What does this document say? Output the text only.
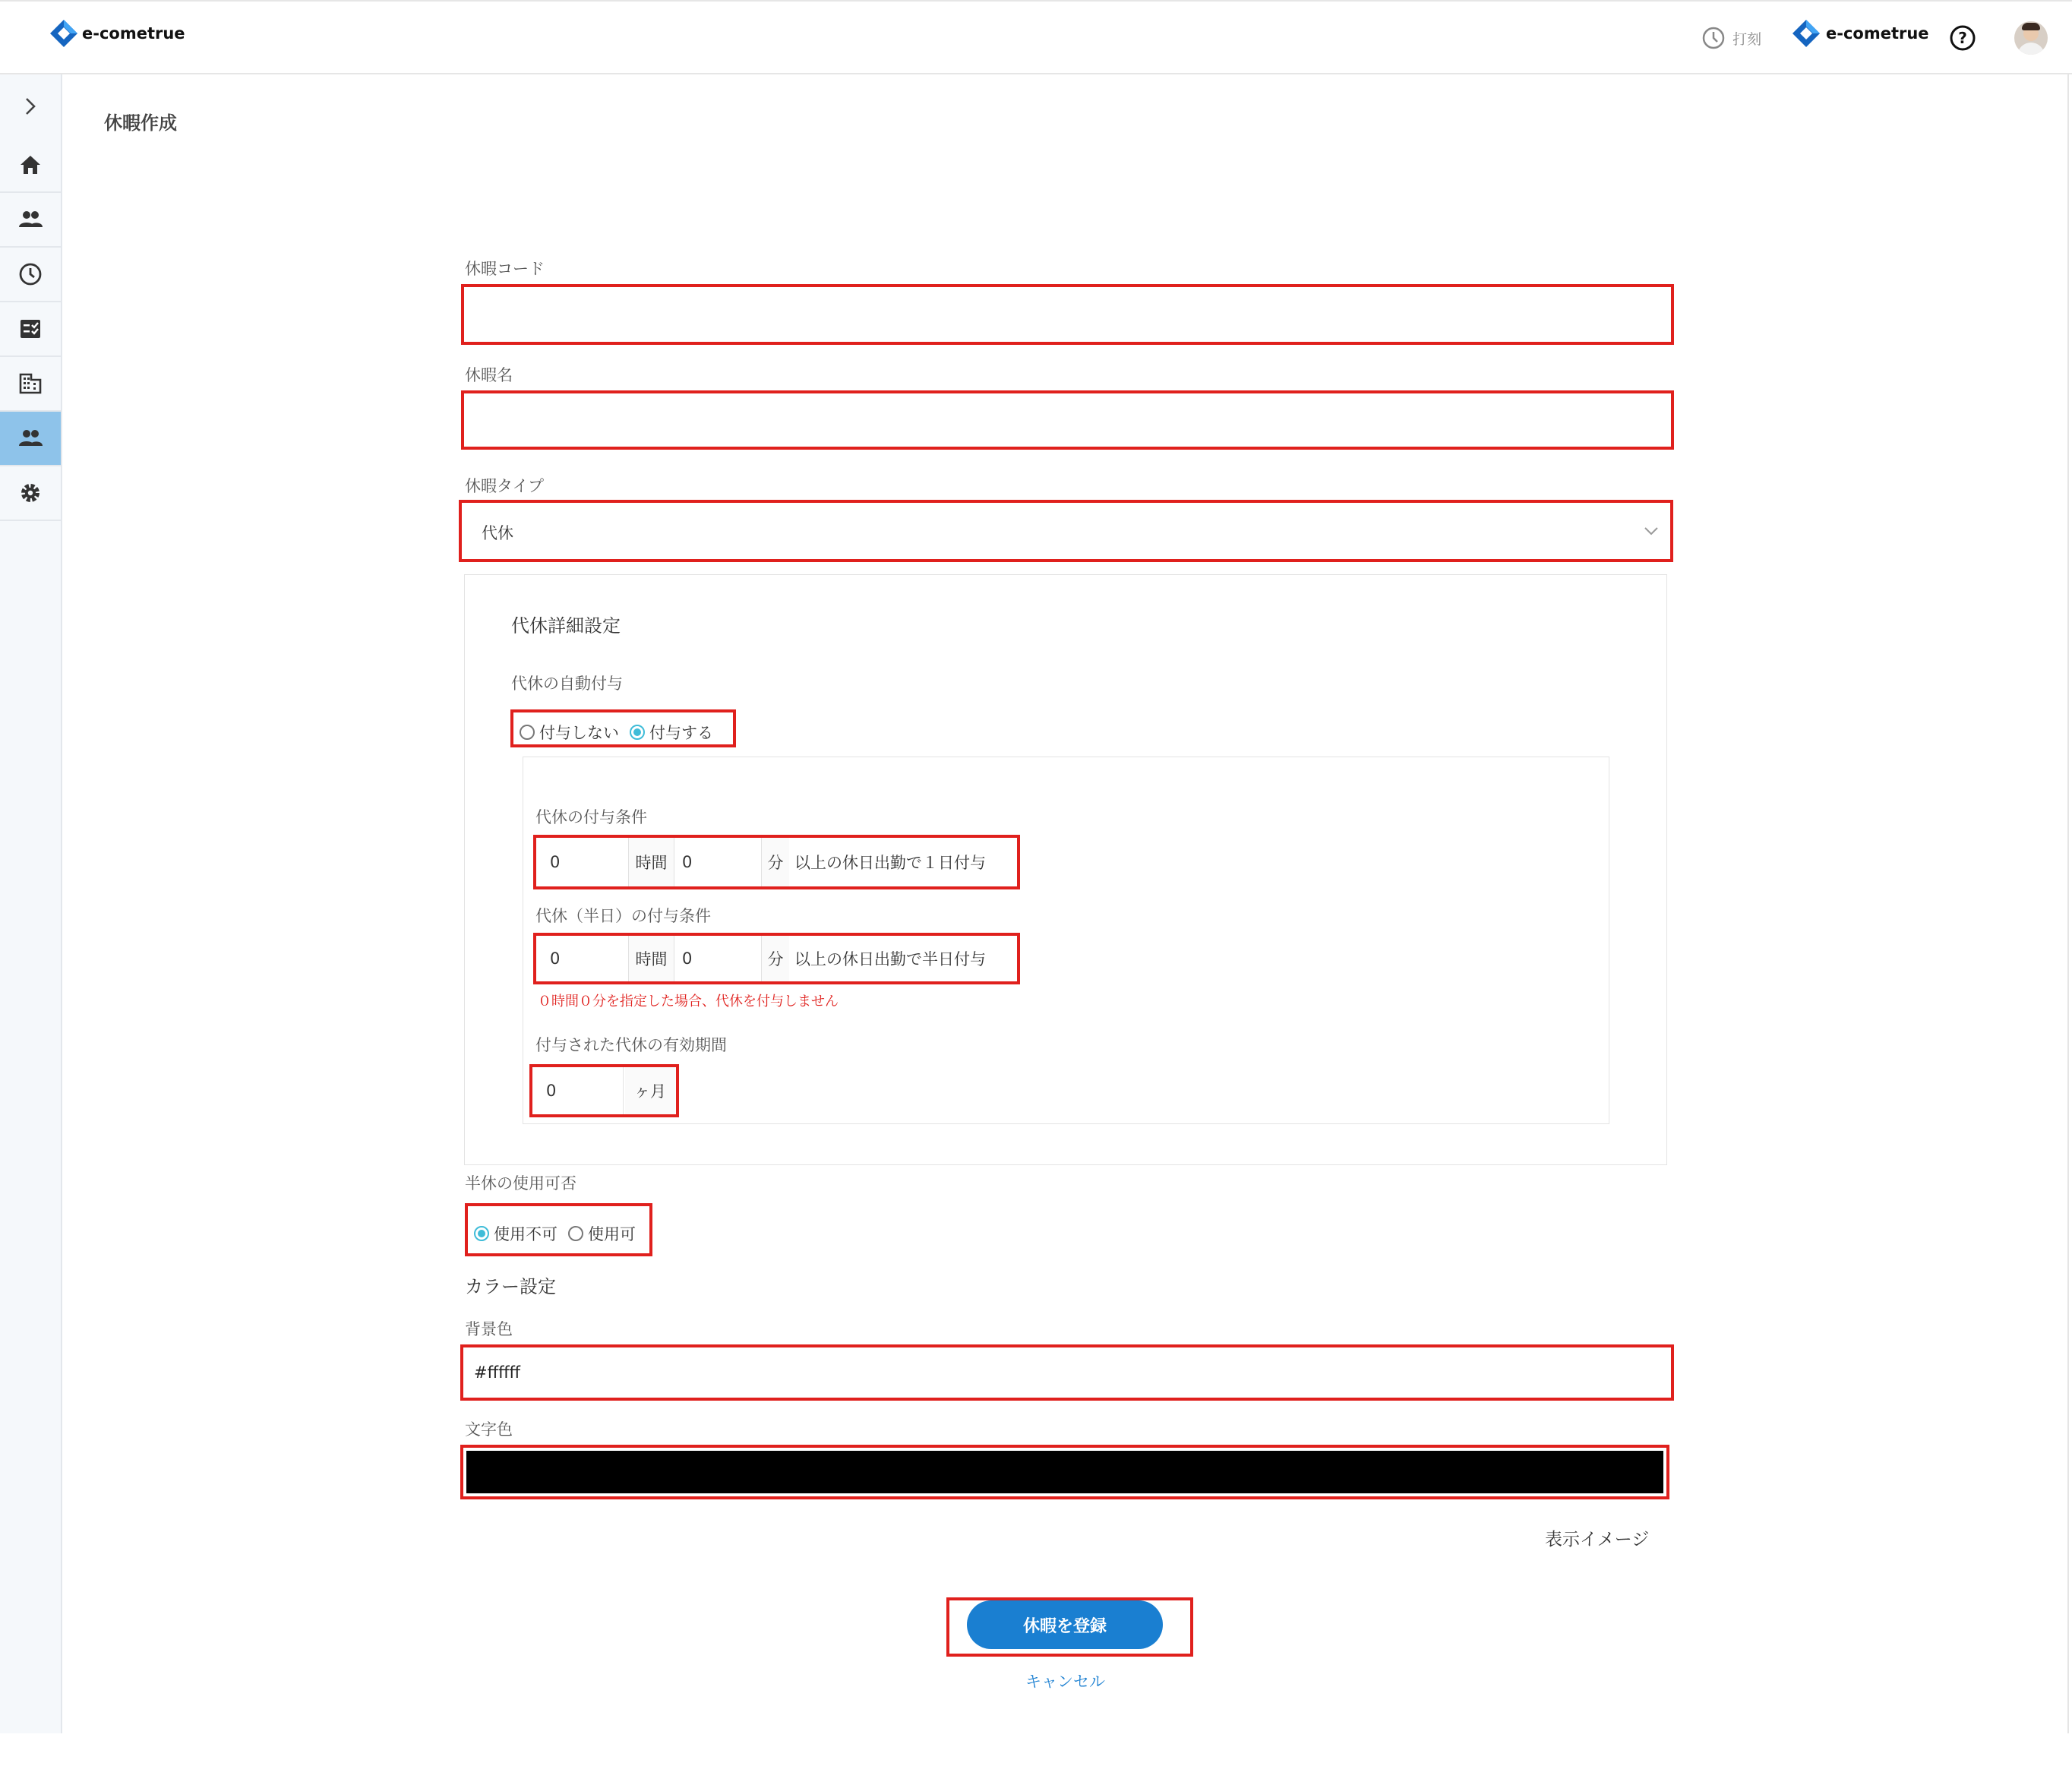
e-cometrue	打刻	e-cometrue ?
休暇作成
休暇コード
休暇名
休暇タイプ
代休
代休詳細設定
代休の自動付与
付与しない 付与する
代休の付与条件
0	時間 0	分 以上の休日出勤で１日付与
代休（半日）の付与条件
0	時間 0	分 以上の休日出勤で半日付与
０時間０分を指定した場合、代休を付与しません
付与された代休の有効期間
0	ヶ月
半休の使用可否
使用不可 使用可
カラー設定
背景色
#ffffff
文字色
表示イメージ
休暇を登録
キャンセル
